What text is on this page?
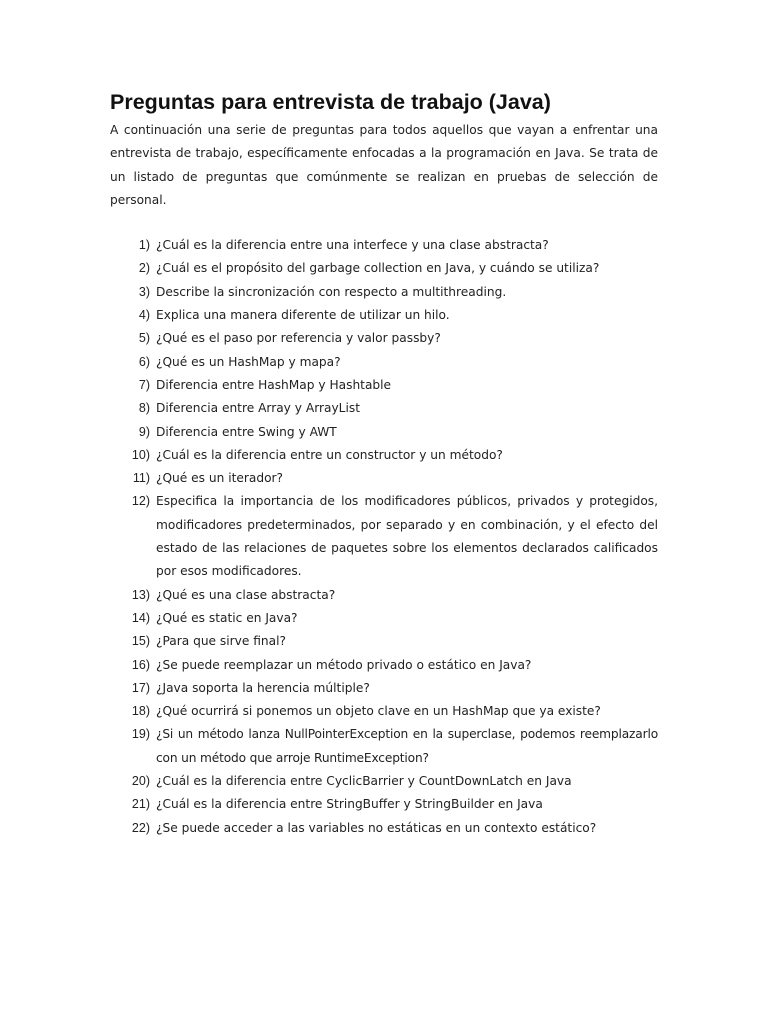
Preguntas para entrevista de trabajo (Java)

A continuación una serie de preguntas para todos aquellos que vayan a enfrentar una entrevista de trabajo, específicamente enfocadas a la programación en Java. Se trata de un listado de preguntas que comúnmente se realizan en pruebas de selección de personal.

1) ¿Cuál es la diferencia entre una interfece y una clase abstracta?
2) ¿Cuál es el propósito del garbage collection en Java, y cuándo se utiliza?
3) Describe la sincronización con respecto a multithreading.
4) Explica una manera diferente de utilizar un hilo.
5) ¿Qué es el paso por referencia y valor passby?
6) ¿Qué es un HashMap y mapa?
7) Diferencia entre HashMap y Hashtable
8) Diferencia entre Array y ArrayList
9) Diferencia entre Swing y AWT
10) ¿Cuál es la diferencia entre un constructor y un método?
11) ¿Qué es un iterador?
12) Especifica la importancia de los modificadores públicos, privados y protegidos, modificadores predeterminados, por separado y en combinación, y el efecto del estado de las relaciones de paquetes sobre los elementos declarados calificados por esos modificadores.
13) ¿Qué es una clase abstracta?
14) ¿Qué es static en Java?
15) ¿Para que sirve final?
16) ¿Se puede reemplazar un método privado o estático en Java?
17) ¿Java soporta la herencia múltiple?
18) ¿Qué ocurrirá si ponemos un objeto clave en un HashMap que ya existe?
19) ¿Si un método lanza NullPointerException en la superclase, podemos reemplazarlo con un método que arroje RuntimeException?
20) ¿Cuál es la diferencia entre CyclicBarrier y CountDownLatch en Java
21) ¿Cuál es la diferencia entre StringBuffer y StringBuilder en Java
22) ¿Se puede acceder a las variables no estáticas en un contexto estático?
